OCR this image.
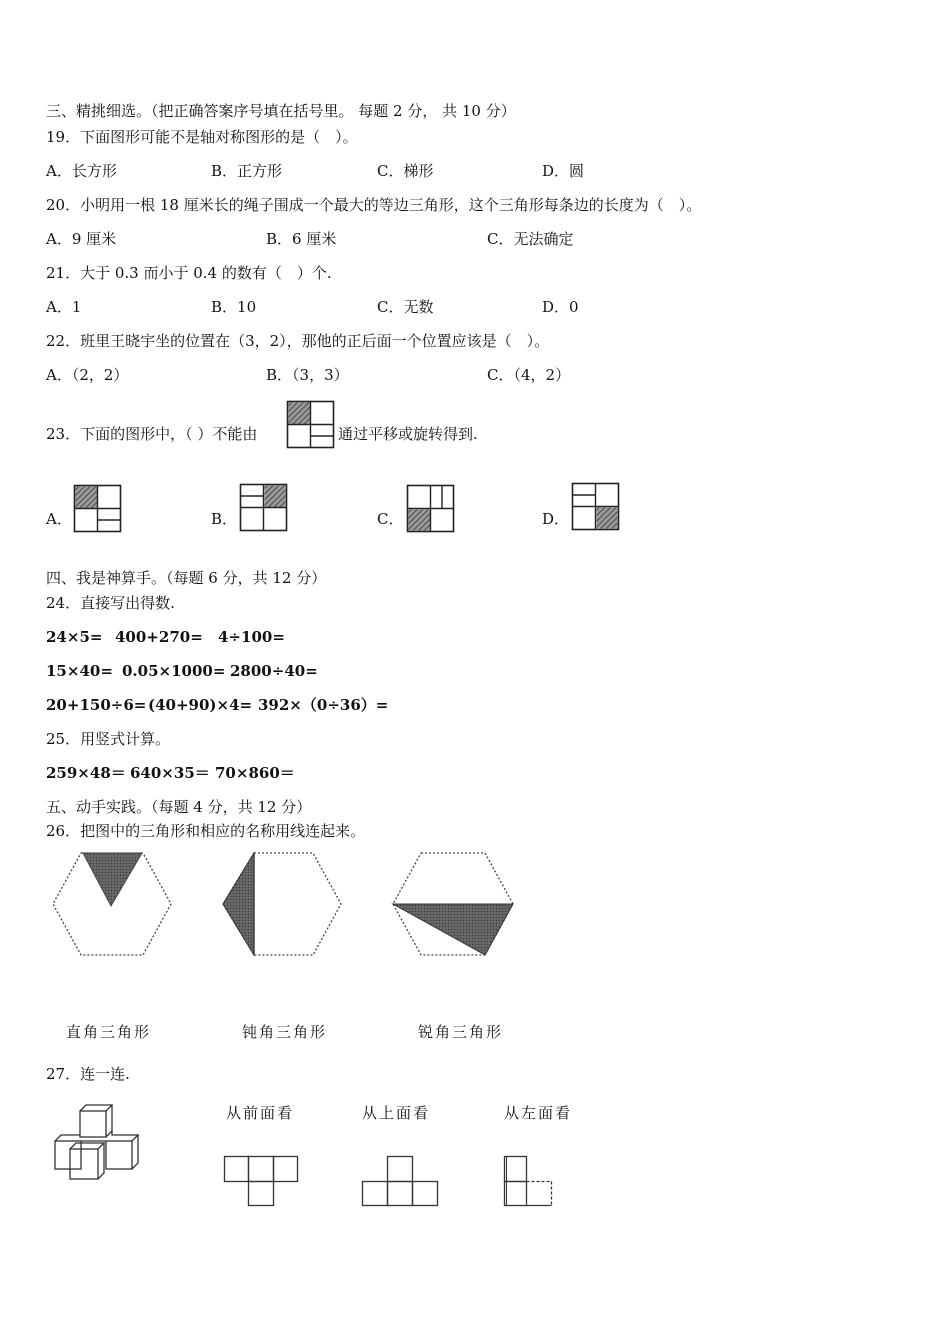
三、精挑细选。（把正确答案序号填在括号里。 每题 2 分， 共 10 分）
19．下面图形可能不是轴对称图形的是（　）。
A．长方形	B．正方形	C．梯形	D．圆
20．小明用一根 18 厘米长的绳子围成一个最大的等边三角形，这个三角形每条边的长度为（　）。
A．9 厘米	B．6 厘米	C．无法确定
21．大于 0.3 而小于 0.4 的数有（　）个.
A．1	B．10	C．无数	D．0
22．班里王晓宇坐的位置在（3，2），那他的正后面一个位置应该是（　）。
A．（2，2）	B．（3，3）	C．（4，2）
23．下面的图形中，（ ）不能由	通过平移或旋转得到.
A．	B．	C．	D．
四、我是神算手。（每题 6 分，共 12 分）
24．直接写出得数.
24×5= 400+270= 4÷100=
15×40= 0.05×1000= 2800÷40=
20+150÷6= (40+90)×4= 392×（0÷36）=
25．用竖式计算。
259×48＝ 640×35＝ 70×860＝
五、动手实践。（每题 4 分，共 12 分）
26．把图中的三角形和相应的名称用线连起来。
直角三角形	钝角三角形	锐角三角形
27．连一连.
从前面看	从上面看	从左面看
